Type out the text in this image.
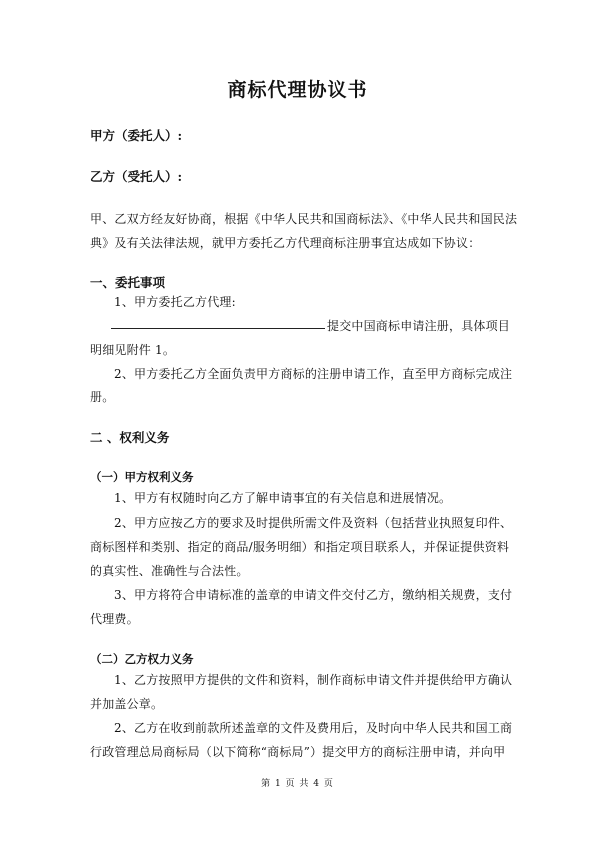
商标代理协议书
甲方（委托人）:
乙方（受托人）:
甲、乙双方经友好协商，根据《中华人民共和国商标法》、《中华人民共和国民法
典》及有关法律法规，就甲方委托乙方代理商标注册事宜达成如下协议：
一、委托事项
1、甲方委托乙方代理:
提交中国商标申请注册，具体项目
明细见附件 1。
2、甲方委托乙方全面负责甲方商标的注册申请工作，直至甲方商标完成注
册。
二 、权利义务
（一）甲方权利义务
1、甲方有权随时向乙方了解申请事宜的有关信息和进展情况。
2、甲方应按乙方的要求及时提供所需文件及资料（包括营业执照复印件、
商标图样和类别、指定的商品/服务明细）和指定项目联系人，并保证提供资料
的真实性、准确性与合法性。
3、甲方将符合申请标准的盖章的申请文件交付乙方，缴纳相关规费，支付
代理费。
（二）乙方权力义务
1、乙方按照甲方提供的文件和资料，制作商标申请文件并提供给甲方确认
并加盖公章。
2、乙方在收到前款所述盖章的文件及费用后，及时向中华人民共和国工商
行政管理总局商标局（以下简称“商标局”）提交甲方的商标注册申请，并向甲
第 1 页 共 4 页
